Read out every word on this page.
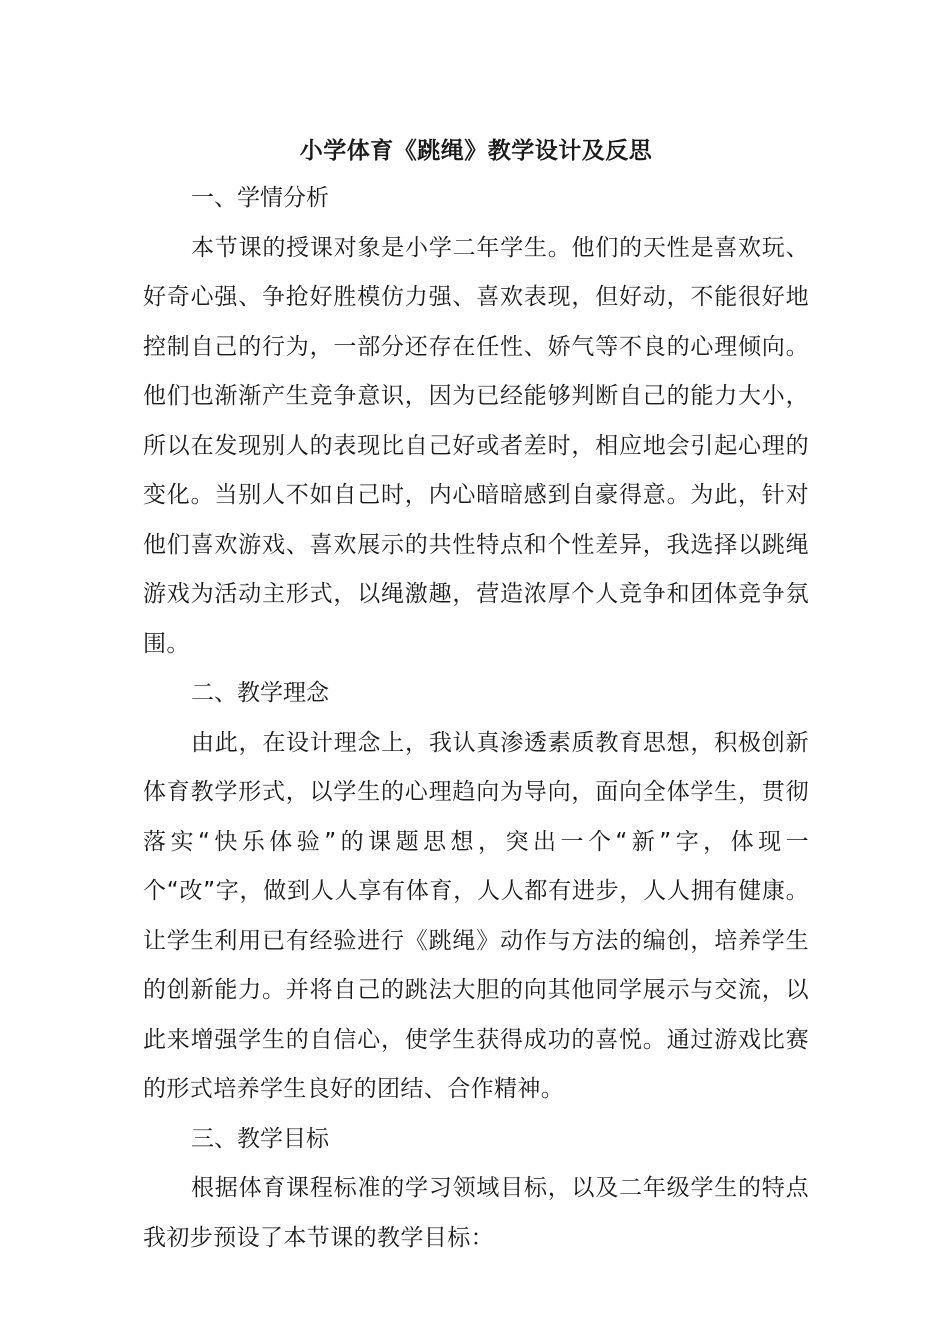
小学体育《跳绳》教学设计及反思
一、学情分析

本节课的授课对象是小学二年学生。他们的天性是喜欢玩、好奇心强、争抢好胜模仿力强、喜欢表现，但好动，不能很好地控制自己的行为，一部分还存在任性、娇气等不良的心理倾向。他们也渐渐产生竞争意识，因为已经能够判断自己的能力大小，所以在发现别人的表现比自己好或者差时，相应地会引起心理的变化。当别人不如自己时，内心暗暗感到自豪得意。为此，针对他们喜欢游戏、喜欢展示的共性特点和个性差异，我选择以跳绳游戏为活动主形式，以绳激趣，营造浓厚个人竞争和团体竞争氛围。

二、教学理念

由此，在设计理念上，我认真渗透素质教育思想，积极创新体育教学形式，以学生的心理趋向为导向，面向全体学生，贯彻落实“快乐体验”的课题思想，突出一个“新”字，体现一个“改”字，做到人人享有体育，人人都有进步，人人拥有健康。让学生利用已有经验进行《跳绳》动作与方法的编创，培养学生的创新能力。并将自己的跳法大胆的向其他同学展示与交流，以此来增强学生的自信心，使学生获得成功的喜悦。通过游戏比赛的形式培养学生良好的团结、合作精神。

三、教学目标

根据体育课程标准的学习领域目标，以及二年级学生的特点我初步预设了本节课的教学目标：
